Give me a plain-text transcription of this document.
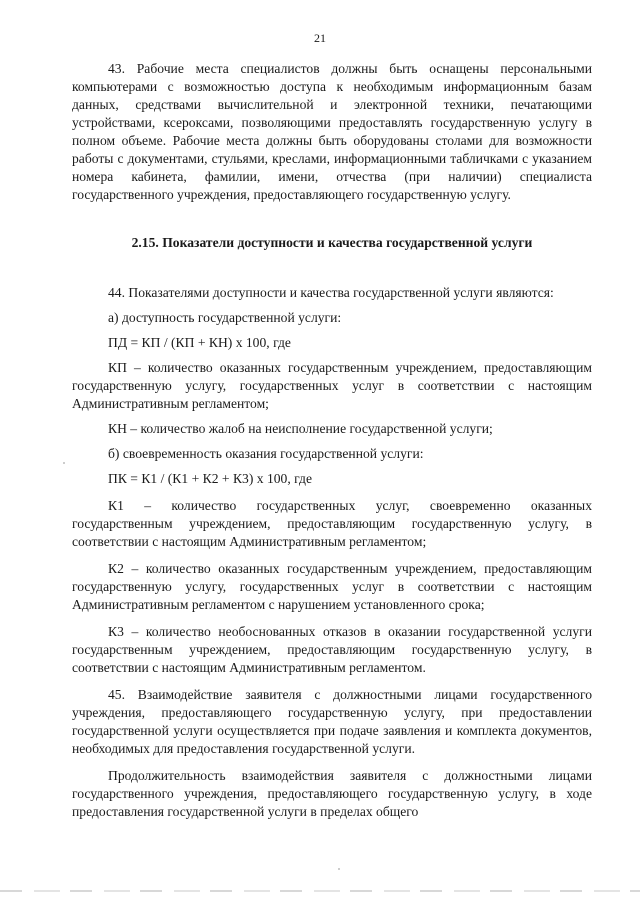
21

43. Рабочие места специалистов должны быть оснащены персональными компьютерами с возможностью доступа к необходимым информационным базам данных, средствами вычислительной и электронной техники, печатающими устройствами, ксероксами, позволяющими предоставлять государственную услугу в полном объеме. Рабочие места должны быть оборудованы столами для возможности работы с документами, стульями, креслами, информационными табличками с указанием номера кабинета, фамилии, имени, отчества (при наличии) специалиста государственного учреждения, предоставляющего государственную услугу.

2.15. Показатели доступности и качества государственной услуги

44. Показателями доступности и качества государственной услуги являются:

а) доступность государственной услуги:

ПД = КП / (КП + КН) x 100, где

КП – количество оказанных государственным учреждением, предоставляющим государственную услугу, государственных услуг в соответствии с настоящим Административным регламентом;

КН – количество жалоб на неисполнение государственной услуги;

б) своевременность оказания государственной услуги:

ПК = К1 / (К1 + К2 + К3) x 100, где

К1 – количество государственных услуг, своевременно оказанных государственным учреждением, предоставляющим государственную услугу, в соответствии с настоящим Административным регламентом;

К2 – количество оказанных государственным учреждением, предоставляющим государственную услугу, государственных услуг в соответствии с настоящим Административным регламентом с нарушением установленного срока;

К3 – количество необоснованных отказов в оказании государственной услуги государственным учреждением, предоставляющим государственную услугу, в соответствии с настоящим Административным регламентом.

45. Взаимодействие заявителя с должностными лицами государственного учреждения, предоставляющего государственную услугу, при предоставлении государственной услуги осуществляется при подаче заявления и комплекта документов, необходимых для предоставления государственной услуги.

Продолжительность взаимодействия заявителя с должностными лицами государственного учреждения, предоставляющего государственную услугу, в ходе предоставления государственной услуги в пределах общего
